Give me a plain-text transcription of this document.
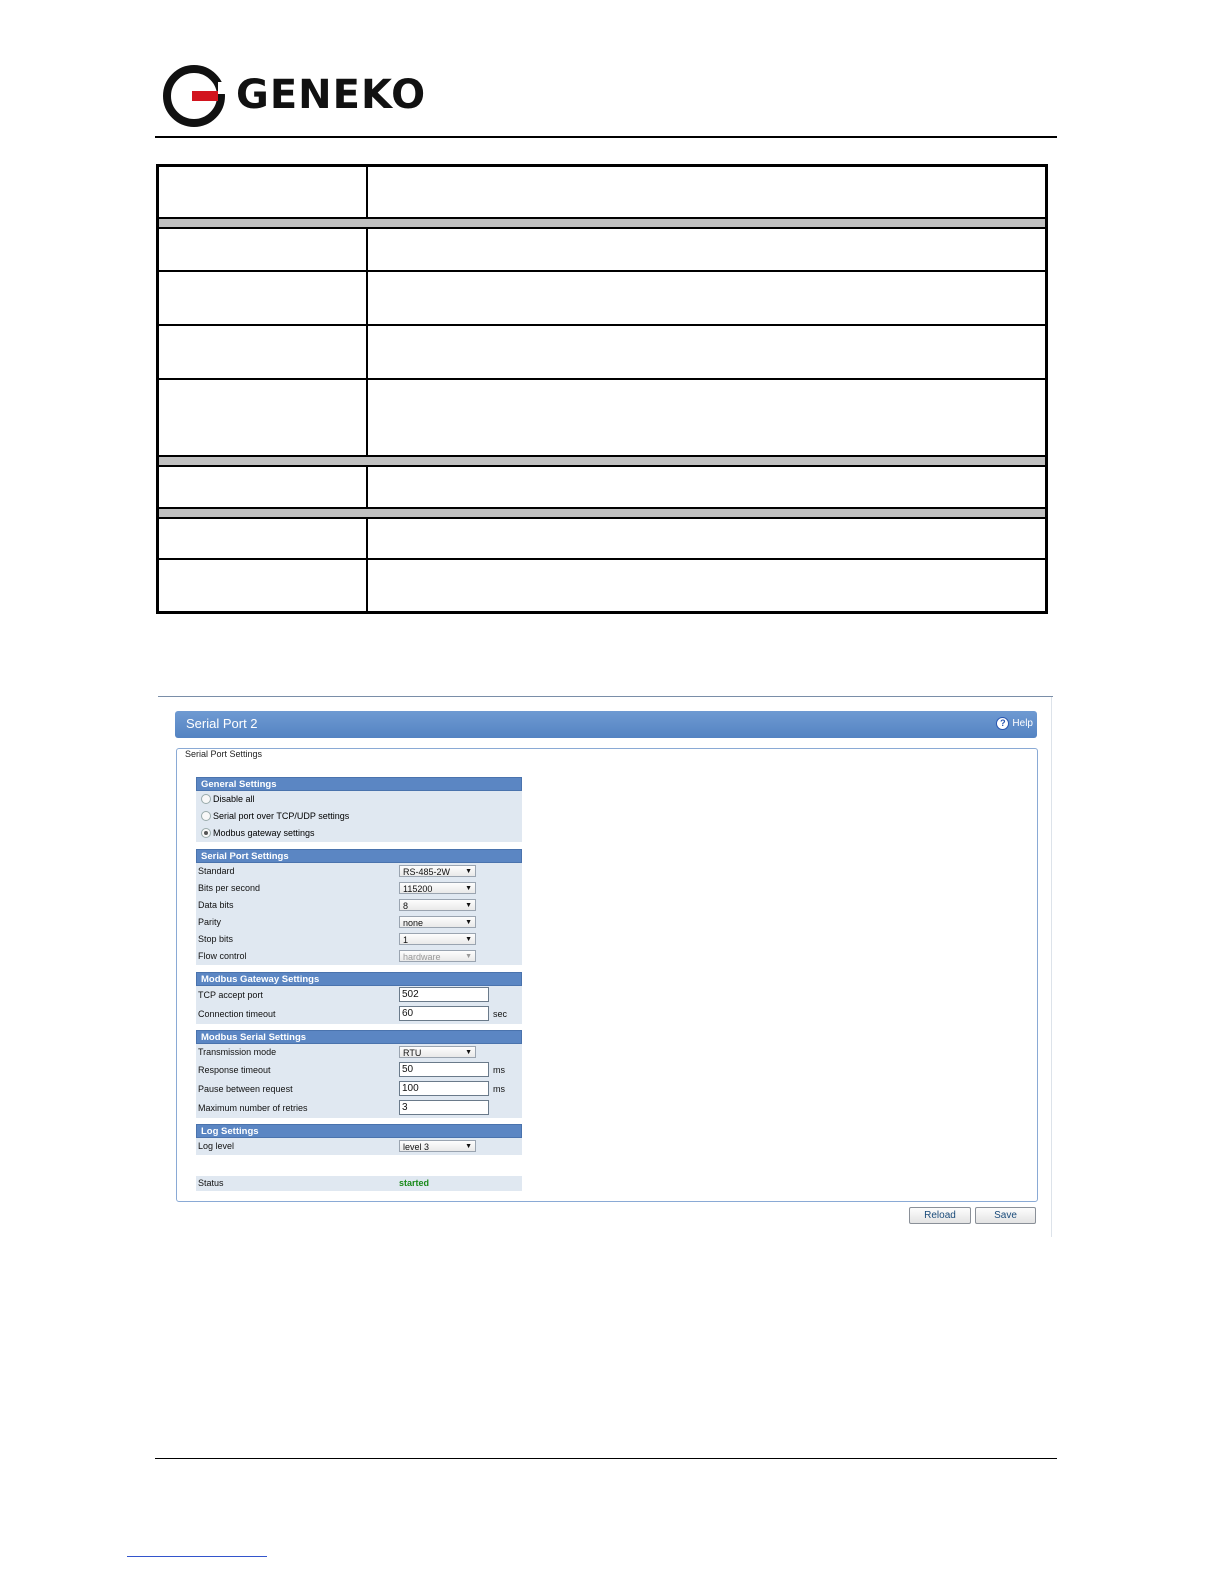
GENEKO
Serial Port 2	? Help
Serial Port Settings
General Settings
Disable all
Serial port over TCP/UDP settings
Modbus gateway settings
Serial Port Settings
Standard	RS-485-2W ▼
Bits per second	115200	▼
Data bits	8	▼
Parity	none	▼
Stop bits	1	▼
Flow control	hardware	▼
Modbus Gateway Settings
TCP accept port	502
Connection timeout	60	sec
Modbus Serial Settings
Transmission mode	RTU	▼
Response timeout	50	ms
Pause between request	100	ms
Maximum number of retries	3
Log Settings
Log level	level 3	▼
Status	started
Reload	Save
